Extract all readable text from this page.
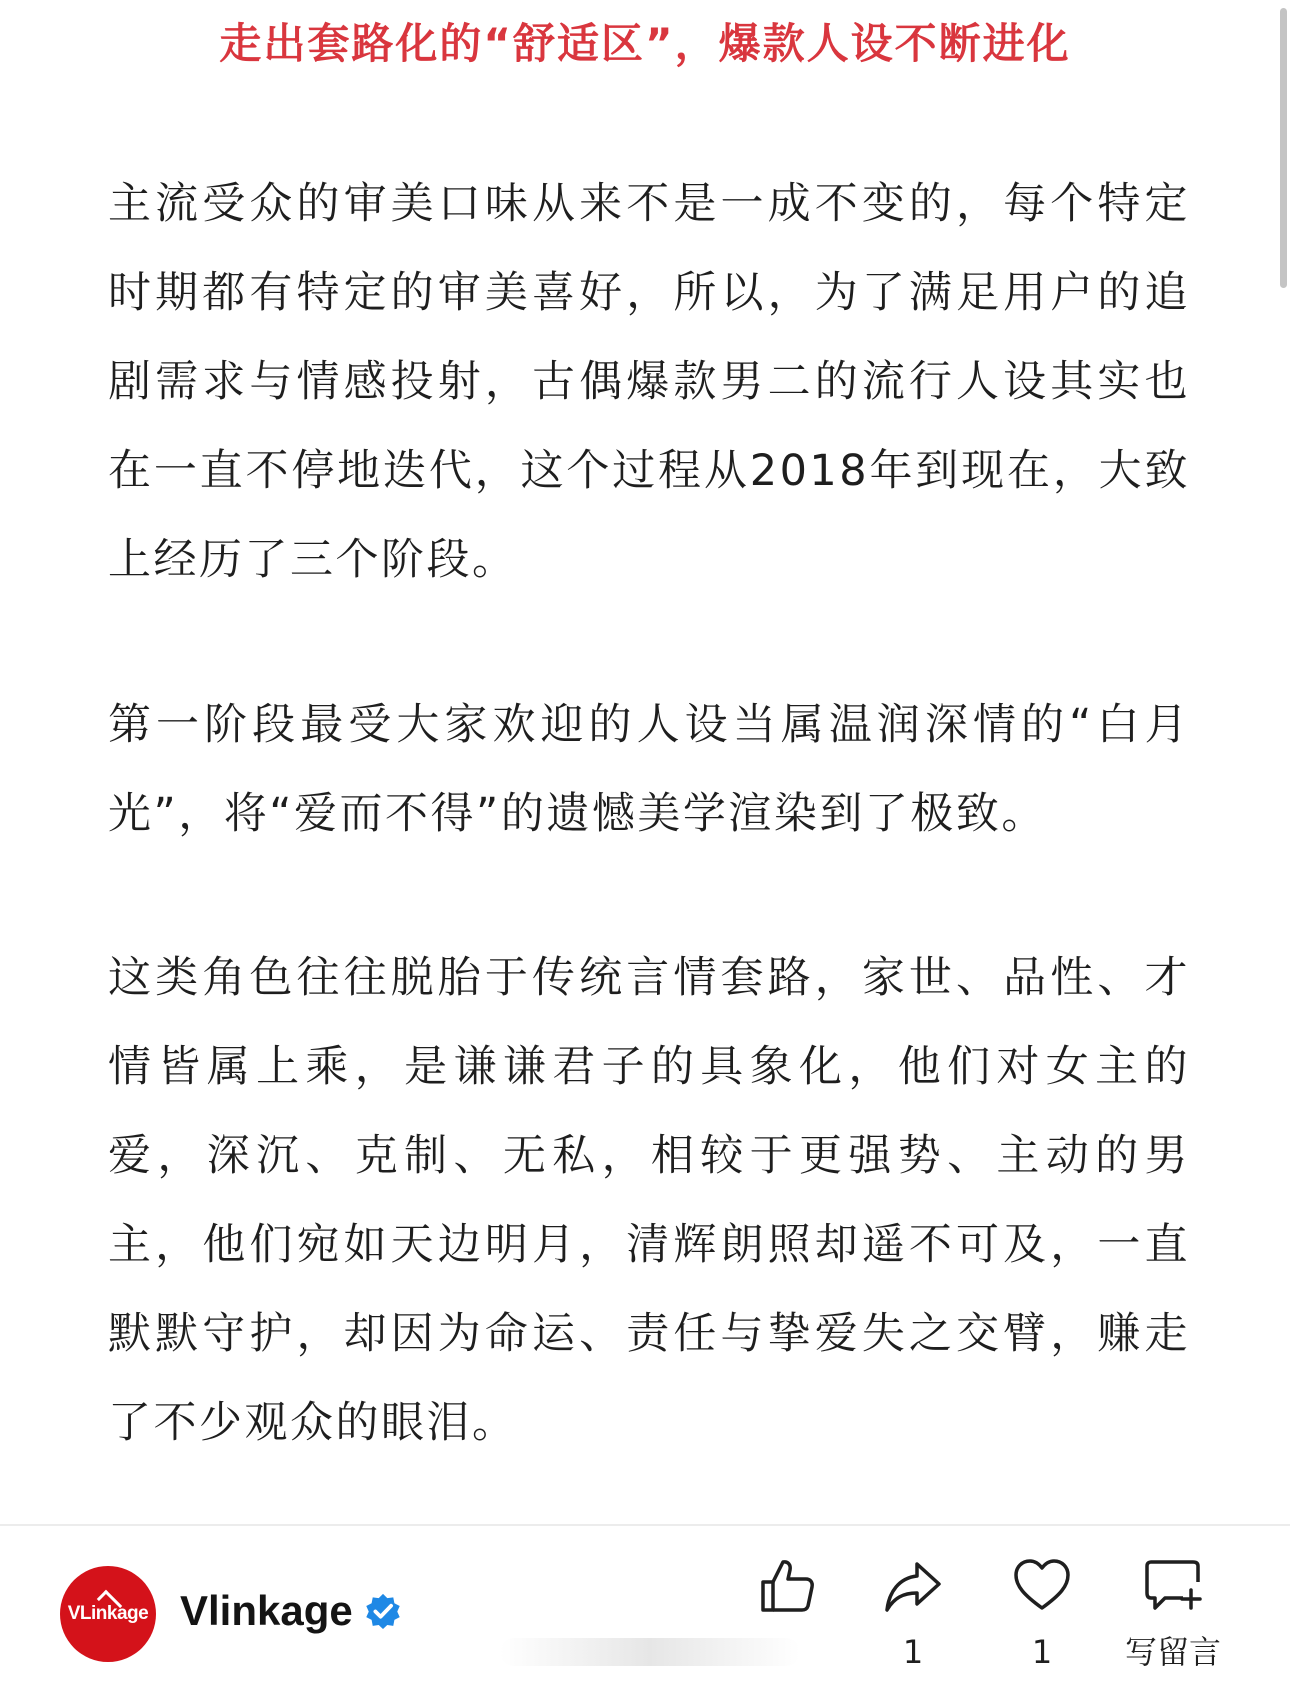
走出套路化的“舒适区”，爆款人设不断进化

主流受众的审美口味从来不是一成不变的，每个特定时期都有特定的审美喜好，所以，为了满足用户的追剧需求与情感投射，古偶爆款男二的流行人设其实也在一直不停地迭代，这个过程从2018年到现在，大致上经历了三个阶段。

第一阶段最受大家欢迎的人设当属温润深情的“白月光”，将“爱而不得”的遗憾美学渲染到了极致。

这类角色往往脱胎于传统言情套路，家世、品性、才情皆属上乘，是谦谦君子的具象化，他们对女主的爱，深沉、克制、无私，相较于更强势、主动的男主，他们宛如天边明月，清辉朗照却遥不可及，一直默默守护，却因为命运、责任与挚爱失之交臂，赚走了不少观众的眼泪。

VLinkage Vlinkage
1	1	写留言
